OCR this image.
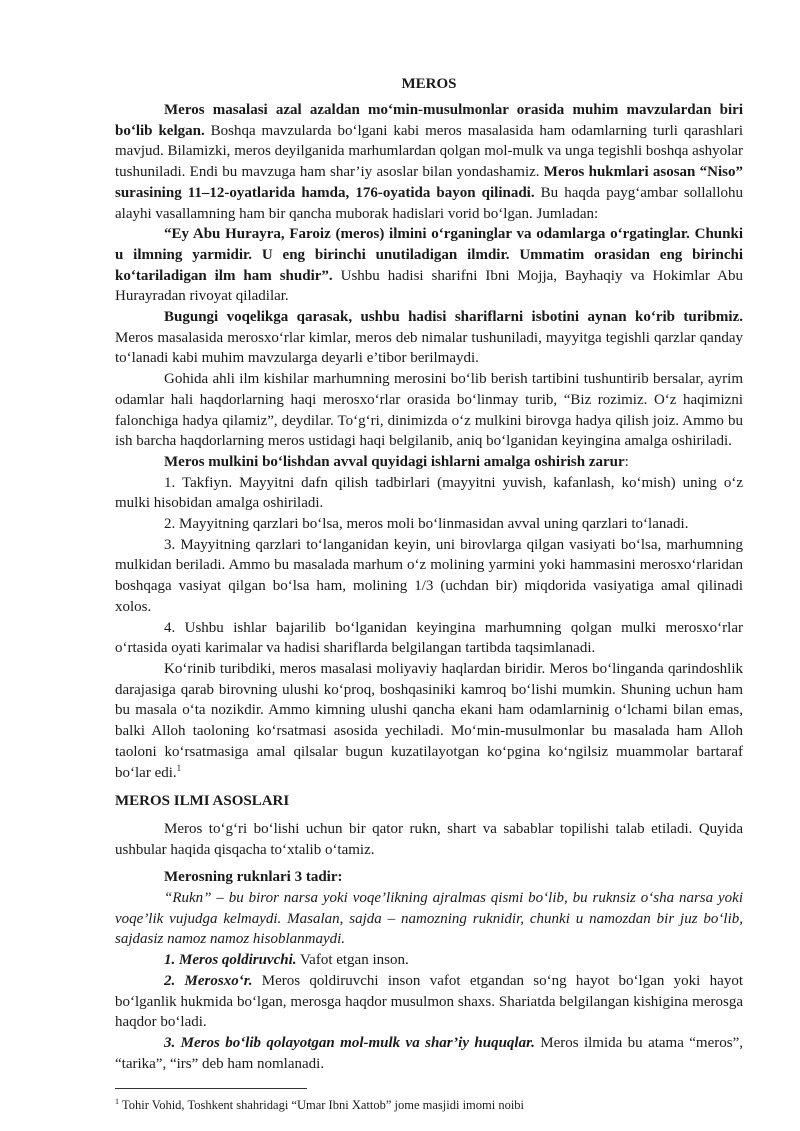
MEROS

Meros masalasi azal azaldan mo‘min-musulmonlar orasida muhim mavzulardan biri bo‘lib kelgan. Boshqa mavzularda bo‘lgani kabi meros masalasida ham odamlarning turli qarashlari mavjud. Bilamizki, meros deyilganida marhumlardan qolgan mol-mulk va unga tegishli boshqa ashyolar tushuniladi. Endi bu mavzuga ham shar’iy asoslar bilan yondashamiz. Meros hukmlari asosan “Niso” surasining 11–12-oyatlarida hamda, 176-oyatida bayon qilinadi. Bu haqda payg‘ambar sollallohu alayhi vasallamning ham bir qancha muborak hadislari vorid bo‘lgan. Jumladan:

“Ey Abu Hurayra, Faroiz (meros) ilmini o‘rganinglar va odamlarga o‘rgatinglar. Chunki u ilmning yarmidir. U eng birinchi unutiladigan ilmdir. Ummatim orasidan eng birinchi ko‘tariladigan ilm ham shudir”. Ushbu hadisi sharifni Ibni Mojja, Bayhaqiy va Hokimlar Abu Hurayradan rivoyat qiladilar.

Bugungi voqelikga qarasak, ushbu hadisi shariflarni isbotini aynan ko‘rib turibmiz. Meros masalasida merosxo‘rlar kimlar, meros deb nimalar tushuniladi, mayyitga tegishli qarzlar qanday to‘lanadi kabi muhim mavzularga deyarli e’tibor berilmaydi.

Gohida ahli ilm kishilar marhumning merosini bo‘lib berish tartibini tushuntirib bersalar, ayrim odamlar hali haqdorlarning haqi merosxo‘rlar orasida bo‘linmay turib, “Biz rozimiz. O‘z haqimizni falonchiga hadya qilamiz”, deydilar. To‘g‘ri, dinimizda o‘z mulkini birovga hadya qilish joiz. Ammo bu ish barcha haqdorlarning meros ustidagi haqi belgilanib, aniq bo‘lganidan keyingina amalga oshiriladi.

Meros mulkini bo‘lishdan avval quyidagi ishlarni amalga oshirish zarur:

1. Takfiyn. Mayyitni dafn qilish tadbirlari (mayyitni yuvish, kafanlash, ko‘mish) uning o‘z mulki hisobidan amalga oshiriladi.

2. Mayyitning qarzlari bo‘lsa, meros moli bo‘linmasidan avval uning qarzlari to‘lanadi.

3. Mayyitning qarzlari to‘langanidan keyin, uni birovlarga qilgan vasiyati bo‘lsa, marhumning mulkidan beriladi. Ammo bu masalada marhum o‘z molining yarmini yoki hammasini merosxo‘rlaridan boshqaga vasiyat qilgan bo‘lsa ham, molining 1/3 (uchdan bir) miqdorida vasiyatiga amal qilinadi xolos.

4. Ushbu ishlar bajarilib bo‘lganidan keyingina marhumning qolgan mulki merosxo‘rlar o‘rtasida oyati karimalar va hadisi shariflarda belgilangan tartibda taqsimlanadi.

Ko‘rinib turibdiki, meros masalasi moliyaviy haqlardan biridir. Meros bo‘linganda qarindoshlik darajasiga qarab birovning ulushi ko‘proq, boshqasiniki kamroq bo‘lishi mumkin. Shuning uchun ham bu masala o‘ta nozikdir. Ammo kimning ulushi qancha ekani ham odamlarninig o‘lchami bilan emas, balki Alloh taoloning ko‘rsatmasi asosida yechiladi. Mo‘min-musulmonlar bu masalada ham Alloh taoloni ko‘rsatmasiga amal qilsalar bugun kuzatilayotgan ko‘pgina ko‘ngilsiz muammolar bartaraf bo‘lar edi.$^1$

MEROS ILMI ASOSLARI

Meros to‘g‘ri bo‘lishi uchun bir qator rukn, shart va sabablar topilishi talab etiladi. Quyida ushbular haqida qisqacha to‘xtalib o‘tamiz.

Merosning ruknlari 3 tadir:

“Rukn” – bu biror narsa yoki voqe’likning ajralmas qismi bo‘lib, bu ruknsiz o‘sha narsa yoki voqe’lik vujudga kelmaydi. Masalan, sajda – namozning ruknidir, chunki u namozdan bir juz bo‘lib, sajdasiz namoz namoz hisoblanmaydi.

1. Meros qoldiruvchi. Vafot etgan inson.

2. Merosxo‘r. Meros qoldiruvchi inson vafot etgandan so‘ng hayot bo‘lgan yoki hayot bo‘lganlik hukmida bo‘lgan, merosga haqdor musulmon shaxs. Shariatda belgilangan kishigina merosga haqdor bo‘ladi.

3. Meros bo‘lib qolayotgan mol-mulk va shar’iy huquqlar. Meros ilmida bu atama “meros”, “tarika”, “irs” deb ham nomlanadi.

$^1$ Tohir Vohid, Toshkent shahridagi “Umar Ibni Xattob” jome masjidi imomi noibi
